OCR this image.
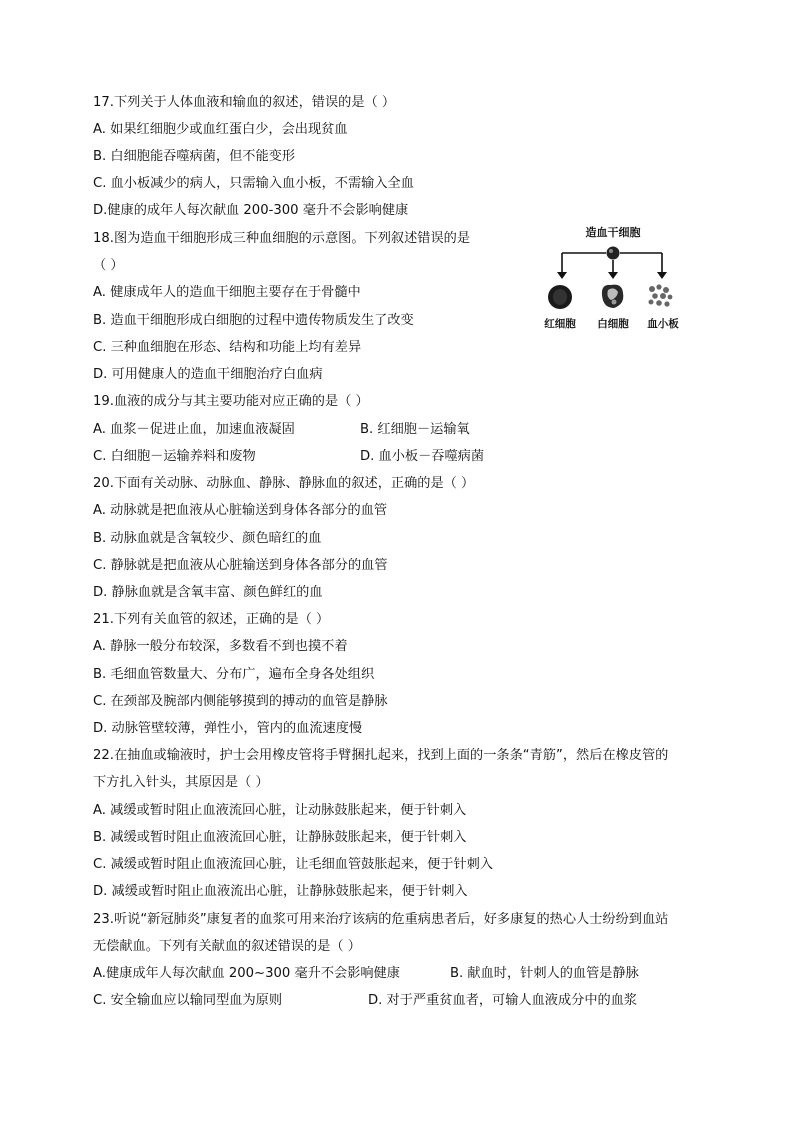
17.下列关于人体血液和输血的叙述，错误的是（ ）
A. 如果红细胞少或血红蛋白少，会出现贫血
B. 白细胞能吞噬病菌，但不能变形
C. 血小板减少的病人，只需输入血小板，不需输入全血
D.健康的成年人每次献血 200-300 毫升不会影响健康
18.图为造血干细胞形成三种血细胞的示意图。下列叙述错误的是
（ ）
A. 健康成年人的造血干细胞主要存在于骨髓中
B. 造血干细胞形成白细胞的过程中遗传物质发生了改变
C. 三种血细胞在形态、结构和功能上均有差异
D. 可用健康人的造血干细胞治疗白血病
造血干细胞
红细胞 白细胞 血小板
19.血液的成分与其主要功能对应正确的是（ ）
A. 血浆－促进止血，加速血液凝固	B. 红细胞－运输氧
C. 白细胞－运输养料和废物	D. 血小板－吞噬病菌
20.下面有关动脉、动脉血、静脉、静脉血的叙述，正确的是（ ）
A. 动脉就是把血液从心脏输送到身体各部分的血管
B. 动脉血就是含氧较少、颜色暗红的血
C. 静脉就是把血液从心脏输送到身体各部分的血管
D. 静脉血就是含氧丰富、颜色鲜红的血
21.下列有关血管的叙述，正确的是（ ）
A. 静脉一般分布较深，多数看不到也摸不着
B. 毛细血管数量大、分布广，遍布全身各处组织
C. 在颈部及腕部内侧能够摸到的搏动的血管是静脉
D. 动脉管壁较薄，弹性小，管内的血流速度慢
22.在抽血或输液时，护士会用橡皮管将手臂捆扎起来，找到上面的一条条“青筋”，然后在橡皮管的
下方扎入针头，其原因是（ ）
A. 减缓或暂时阻止血液流回心脏，让动脉鼓胀起来，便于针刺入
B. 减缓或暂时阻止血液流回心脏，让静脉鼓胀起来，便于针刺入
C. 减缓或暂时阻止血液流回心脏，让毛细血管鼓胀起来，便于针刺入
D. 减缓或暂时阻止血液流出心脏，让静脉鼓胀起来，便于针刺入
23.听说“新冠肺炎”康复者的血浆可用来治疗该病的危重病患者后，好多康复的热心人士纷纷到血站
无偿献血。下列有关献血的叙述错误的是（ ）
A.健康成年人每次献血 200~300 毫升不会影响健康	B. 献血时，针刺人的血管是静脉
C. 安全输血应以输同型血为原则	D. 对于严重贫血者，可输人血液成分中的血浆
